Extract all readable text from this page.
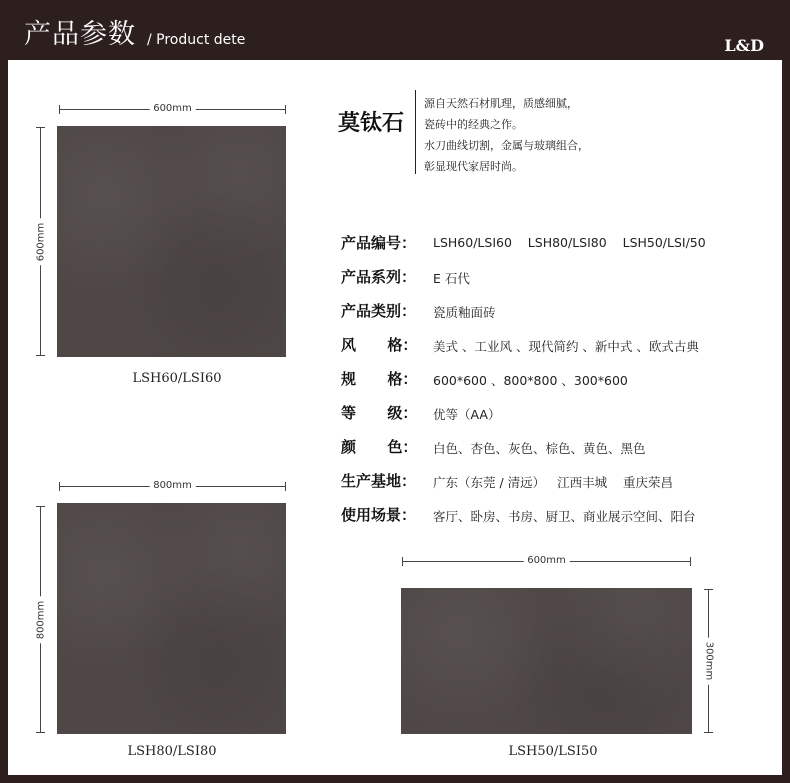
产品参数 / Product dete	L&D
600mm
600mm
LSH60/LSI60
800mm
800mm
LSH80/LSI80
600mm
300mm
LSH50/LSI50
莫钛石
源自天然石材肌理，质感细腻，
瓷砖中的经典之作。
水刀曲线切割，金属与玻璃组合，
彰显现代家居时尚。
产品编号： LSH60/LSI60    LSH80/LSI80    LSH50/LSI/50
产品系列： E 石代
产品类别： 瓷质釉面砖
风      格： 美式 、工业风 、现代简约 、新中式 、欧式古典
规      格： 600*600 、800*800 、300*600
等      级： 优等（AA）
颜      色： 白色、杏色、灰色、棕色、黄色、黑色
生产基地： 广东（东莞 / 清远）   江西丰城    重庆荣昌
使用场景： 客厅、卧房、书房、厨卫、商业展示空间、阳台
